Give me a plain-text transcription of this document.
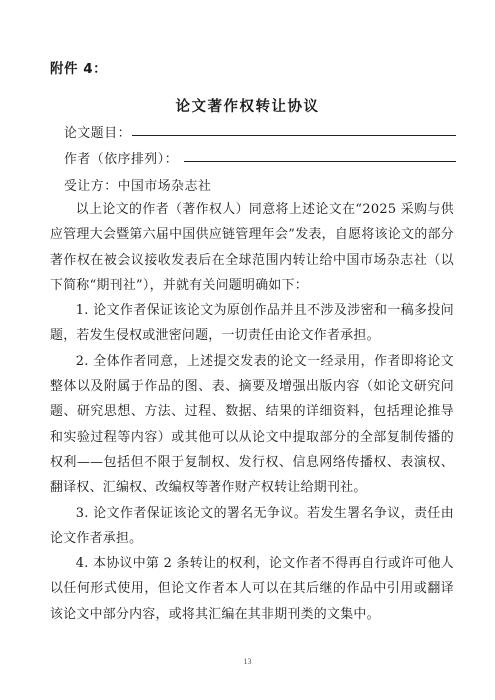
附件 4：
论文著作权转让协议
论文题目：
作者（依序排列）：
受让方：中国市场杂志社

以上论文的作者（著作权人）同意将上述论文在“2025 采购与供应管理大会暨第六届中国供应链管理年会”发表，自愿将该论文的部分著作权在被会议接收发表后在全球范围内转让给中国市场杂志社（以下简称“期刊社”），并就有关问题明确如下：

1. 论文作者保证该论文为原创作品并且不涉及涉密和一稿多投问题，若发生侵权或泄密问题，一切责任由论文作者承担。

2. 全体作者同意，上述提交发表的论文一经录用，作者即将论文整体以及附属于作品的图、表、摘要及增强出版内容（如论文研究问题、研究思想、方法、过程、数据、结果的详细资料，包括理论推导和实验过程等内容）或其他可以从论文中提取部分的全部复制传播的权利——包括但不限于复制权、发行权、信息网络传播权、表演权、翻译权、汇编权、改编权等著作财产权转让给期刊社。

3. 论文作者保证该论文的署名无争议。若发生署名争议，责任由论文作者承担。

4. 本协议中第 2 条转让的权利，论文作者不得再自行或许可他人以任何形式使用，但论文作者本人可以在其后继的作品中引用或翻译该论文中部分内容，或将其汇编在其非期刊类的文集中。

13
